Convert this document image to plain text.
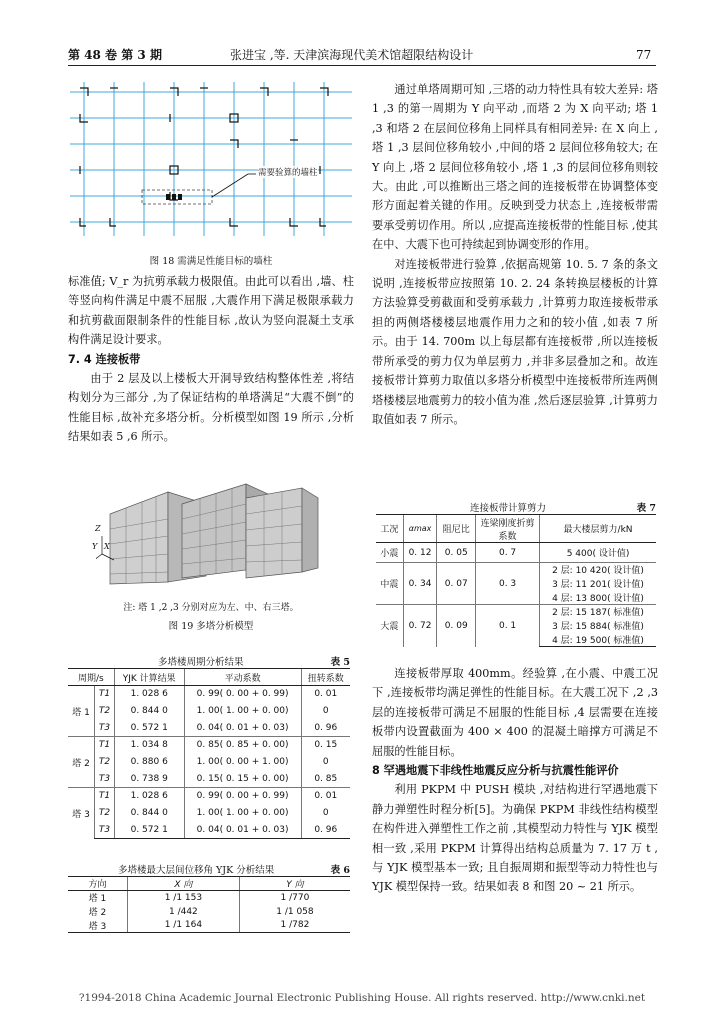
第 48 卷 第 3 期	张进宝 ,等. 天津滨海现代美术馆超限结构设计	77
需要验算的墙柱
图 18 需满足性能目标的墙柱

标准值; V_r 为抗剪承载力极限值。由此可以看出 ,墙、柱等竖向构件满足中震不屈服 ,大震作用下满足极限承载力和抗剪截面限制条件的性能目标 ,故认为竖向混凝土支承构件满足设计要求。

7. 4 连接板带

由于 2 层及以上楼板大开洞导致结构整体性差 ,将结构划分为三部分 ,为了保证结构的单塔满足“大震不倒”的性能目标 ,故补充多塔分析。分析模型如图 19 所示 ,分析结果如表 5 ,6 所示。

Z
Y X
注: 塔 1 ,2 ,3 分别对应为左、中、右三塔。
图 19 多塔分析模型
多塔楼周期分析结果	表 5
周期/s		YJK 计算结果	平动系数	扭转系数
塔 1	T1	1. 028 6	0. 99( 0. 00 + 0. 99)	0. 01
	T2	0. 844 0	1. 00( 1. 00 + 0. 00)	0
	T3	0. 572 1	0. 04( 0. 01 + 0. 03)	0. 96
塔 2	T1	1. 034 8	0. 85( 0. 85 + 0. 00)	0. 15
	T2	0. 880 6	1. 00( 0. 00 + 1. 00)	0
	T3	0. 738 9	0. 15( 0. 15 + 0. 00)	0. 85
塔 3	T1	1. 028 6	0. 99( 0. 00 + 0. 99)	0. 01
	T2	0. 844 0	1. 00( 1. 00 + 0. 00)	0
	T3	0. 572 1	0. 04( 0. 01 + 0. 03)	0. 96
多塔楼最大层间位移角 YJK 分析结果	表 6
方向	X 向	Y 向
塔 1	1 /1 153	1 /770
塔 2	1 /442	1 /1 058
塔 3	1 /1 164	1 /782

通过单塔周期可知 ,三塔的动力特性具有较大差异: 塔 1 ,3 的第一周期为 Y 向平动 ,而塔 2 为 X 向平动; 塔 1 ,3 和塔 2 在层间位移角上同样具有相同差异: 在 X 向上 ,塔 1 ,3 层间位移角较小 ,中间的塔 2 层间位移角较大; 在 Y 向上 ,塔 2 层间位移角较小 ,塔 1 ,3 的层间位移角则较大。由此 ,可以推断出三塔之间的连接板带在协调整体变形方面起着关键的作用。反映到受力状态上 ,连接板带需要承受剪切作用。所以 ,应提高连接板带的性能目标 ,使其在中、大震下也可持续起到协调变形的作用。

对连接板带进行验算 ,依据高规第 10. 5. 7 条的条文说明 ,连接板带应按照第 10. 2. 24 条转换层楼板的计算方法验算受剪截面和受剪承载力 ,计算剪力取连接板带承担的两侧塔楼楼层地震作用力之和的较小值 ,如表 7 所示。由于 14. 700m 以上每层都有连接板带 ,所以连接板带所承受的剪力仅为单层剪力 ,并非多层叠加之和。故连接板带计算剪力取值以多塔分析模型中连接板带所连两侧塔楼楼层地震剪力的较小值为准 ,然后逐层验算 ,计算剪力取值如表 7 所示。

连接板带计算剪力	表 7
工况	αmax	阻尼比	连梁刚度折剪系数	最大楼层剪力/kN
小震	0. 12	0. 05	0. 7	5 400( 设计值)
中震	0. 34	0. 07	0. 3	2 层: 10 420( 设计值)
				3 层: 11 201( 设计值)
				4 层: 13 800( 设计值)
大震	0. 72	0. 09	0. 1	2 层: 15 187( 标准值)
				3 层: 15 884( 标准值)
				4 层: 19 500( 标准值)

连接板带厚取 400mm。经验算 ,在小震、中震工况下 ,连接板带均满足弹性的性能目标。在大震工况下 ,2 ,3 层的连接板带可满足不屈服的性能目标 ,4 层需要在连接板带内设置截面为 400 × 400 的混凝土暗撑方可满足不屈服的性能目标。

8 罕遇地震下非线性地震反应分析与抗震性能评价

利用 PKPM 中 PUSH 模块 ,对结构进行罕遇地震下静力弹塑性时程分析[5]。为确保 PKPM 非线性结构模型在构件进入弹塑性工作之前 ,其模型动力特性与 YJK 模型相一致 ,采用 PKPM 计算得出结构总质量为 7. 17 万 t ,与 YJK 模型基本一致; 且自振周期和振型等动力特性也与 YJK 模型保持一致。结果如表 8 和图 20 ~ 21 所示。

?1994-2018 China Academic Journal Electronic Publishing House. All rights reserved. http://www.cnki.net
